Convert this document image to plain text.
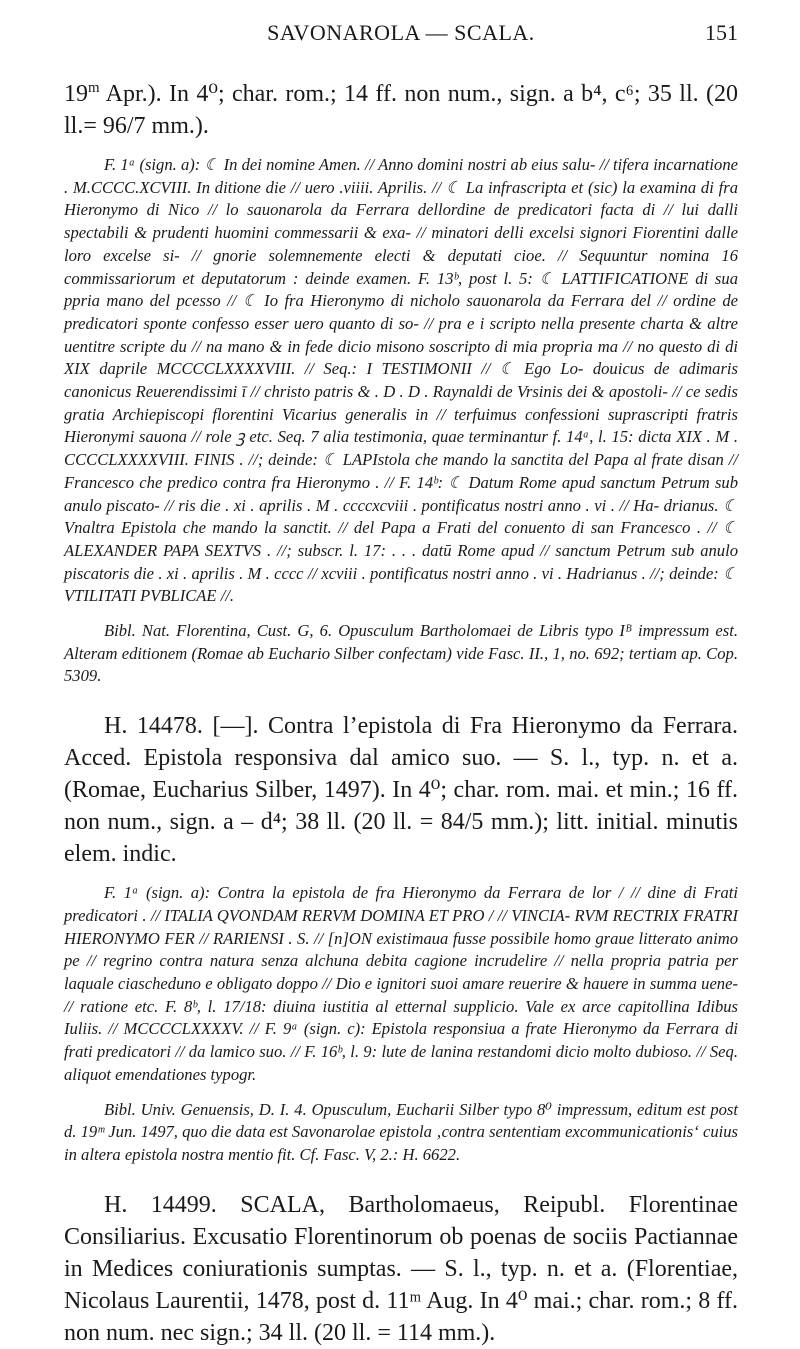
SAVONAROLA — SCALA.	151

19$^m$ Apr.). In 4⁰; char. rom.; 14 ff. non num., sign. a b⁴, c⁶; 35 ll. (20 ll.= 96/7 mm.).

F. 1ᵃ (sign. a): ☾ In dei nomine Amen. // Anno domini nostri ab eius salu- // tifera incarnatione . M.CCCC.XCVIII. In ditione die // uero .viiii. Aprilis. // ☾ La infrascripta et (sic) la examina di fra Hieronymo di Nico // lo sauonarola da Ferrara dellordine de predicatori facta di // lui dalli spectabili & prudenti huomini commessarii & exa- // minatori delli excelsi signori Fiorentini dalle loro excelse si- // gnorie solemnemente electi & deputati cioe. // Sequuntur nomina 16 commissariorum et deputatorum : deinde examen. F. 13ᵇ, post l. 5: ☾ LATTIFICATIONE di sua ppria mano del pcesso // ☾ Io fra Hieronymo di nicholo sauonarola da Ferrara del // ordine de predicatori sponte confesso esser uero quanto di so- // pra e i scripto nella presente charta & altre uentitre scripte du // na mano & in fede dicio misono soscripto di mia propria ma // no questo di di XIX daprile MCCCCLXXXXVIII. // Seq.: I TESTIMONII // ☾ Ego Lo- douicus de adimaris canonicus Reuerendissimi ī // christo patris & . D . D . Raynaldi de Vrsinis dei & apostoli- // ce sedis gratia Archiepiscopi florentini Vicarius generalis in // terfuimus confessioni suprascripti fratris Hieronymi sauona // role ꝫ etc. Seq. 7 alia testimonia, quae terminantur f. 14ᵃ, l. 15: dicta XIX . M . CCCCLXXXXVIII. FINIS . //; deinde: ☾ LAPIstola che mando la sanctita del Papa al frate disan // Francesco che predico contra fra Hieronymo . // F. 14ᵇ: ☾ Datum Rome apud sanctum Petrum sub anulo piscato- // ris die . xi . aprilis . M . ccccxcviii . pontificatus nostri anno . vi . // Ha- drianus. ☾ Vnaltra Epistola che mando la sanctit. // del Papa a Frati del conuento di san Francesco . // ☾ ALEXANDER PAPA SEXTVS . //; subscr. l. 17: . . . datū Rome apud // sanctum Petrum sub anulo piscatoris die . xi . aprilis . M . cccc // xcviii . pontificatus nostri anno . vi . Hadrianus . //; deinde: ☾ VTILITATI PVBLICAE //.

Bibl. Nat. Florentina, Cust. G, 6. Opusculum Bartholomaei de Libris typo Iᴮ impressum est. Alteram editionem (Romae ab Euchario Silber confectam) vide Fasc. II., 1, no. 692; tertiam ap. Cop. 5309.

H. 14478. [—]. Contra l’epistola di Fra Hieronymo da Ferrara. Acced. Epistola responsiva dal amico suo. — S. l., typ. n. et a. (Romae, Eucharius Silber, 1497). In 4⁰; char. rom. mai. et min.; 16 ff. non num., sign. a – d⁴; 38 ll. (20 ll. = 84/5 mm.); litt. initial. minutis elem. indic.

F. 1ᵃ (sign. a): Contra la epistola de fra Hieronymo da Ferrara de lor / // dine di Frati predicatori . // ITALIA QVONDAM RERVM DOMINA ET PRO / // VINCIA- RVM RECTRIX FRATRI HIERONYMO FER // RARIENSI . S. // [n]ON existimaua fusse possibile homo graue litterato animo pe // regrino contra natura senza alchuna debita cagione incrudelire // nella propria patria per laquale ciascheduno e obligato doppo // Dio e ignitori suoi amare reuerire & hauere in summa uene- // ratione etc. F. 8ᵇ, l. 17/18: diuina iustitia al etternal supplicio. Vale ex arce capitollina Idibus Iuliis. // MCCCCLXXXXV. // F. 9ᵃ (sign. c): Epistola responsiua a frate Hieronymo da Ferrara di frati predicatori // da lamico suo. // F. 16ᵇ, l. 9: lute de lanina restandomi dicio molto dubioso. // Seq. aliquot emendationes typogr.

Bibl. Univ. Genuensis, D. I. 4. Opusculum, Eucharii Silber typo 8⁰ impressum, editum est post d. 19ᵐ Jun. 1497, quo die data est Savonarolae epistola ‚contra sententiam excommunicationis‘ cuius in altera epistola nostra mentio fit. Cf. Fasc. V, 2.: H. 6622.

H. 14499. SCALA, Bartholomaeus, Reipubl. Florentinae Consiliarius. Excusatio Florentinorum ob poenas de sociis Pactiannae in Medices coniurationis sumptas. — S. l., typ. n. et a. (Florentiae, Nicolaus Laurentii, 1478, post d. 11ᵐ Aug. In 4⁰ mai.; char. rom.; 8 ff. non num. nec sign.; 34 ll. (20 ll. = 114 mm.).
